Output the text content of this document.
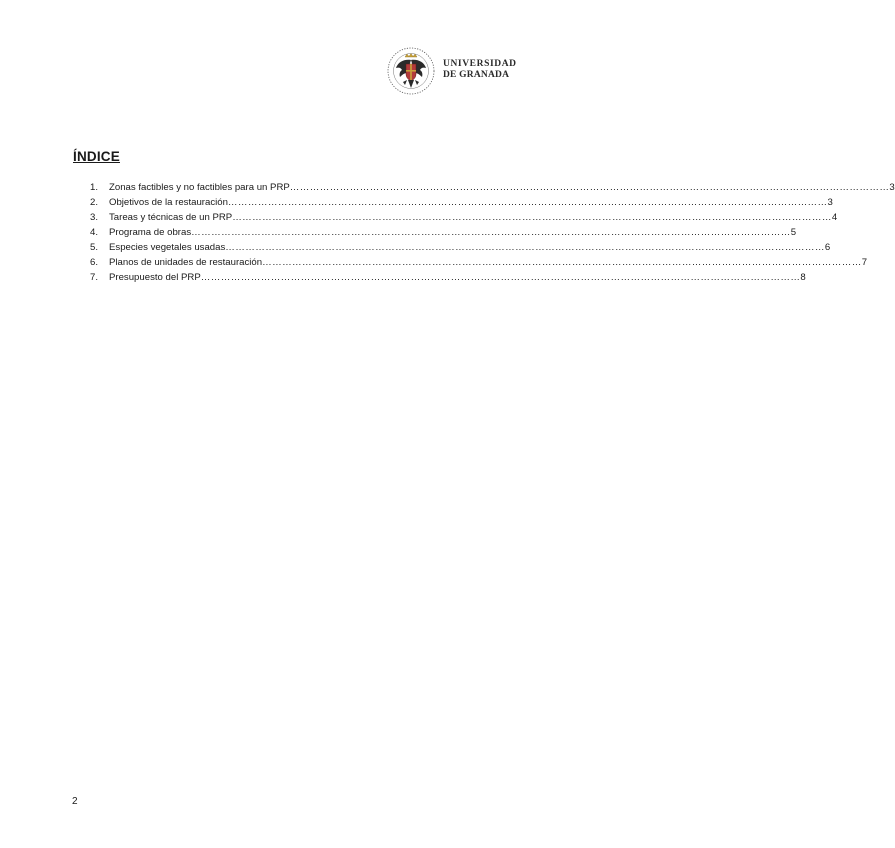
UNIVERSIDAD
DE GRANADA
ÍNDICE
1.	Zonas factibles y no factibles para un PRP ……………………………………………………………………………………………………………………………………………………………… 3
2.	Objetivos de la restauración ……………………………………………………………………………………………………………………………………………………………… 3
3.	Tareas y técnicas de un PRP ……………………………………………………………………………………………………………………………………………………………… 4
4.	Programa de obras ……………………………………………………………………………………………………………………………………………………………… 5
5.	Especies vegetales usadas ……………………………………………………………………………………………………………………………………………………………… 6
6.	Planos de unidades de restauración ……………………………………………………………………………………………………………………………………………………………… 7
7.	Presupuesto del PRP ……………………………………………………………………………………………………………………………………………………………… 8
2
